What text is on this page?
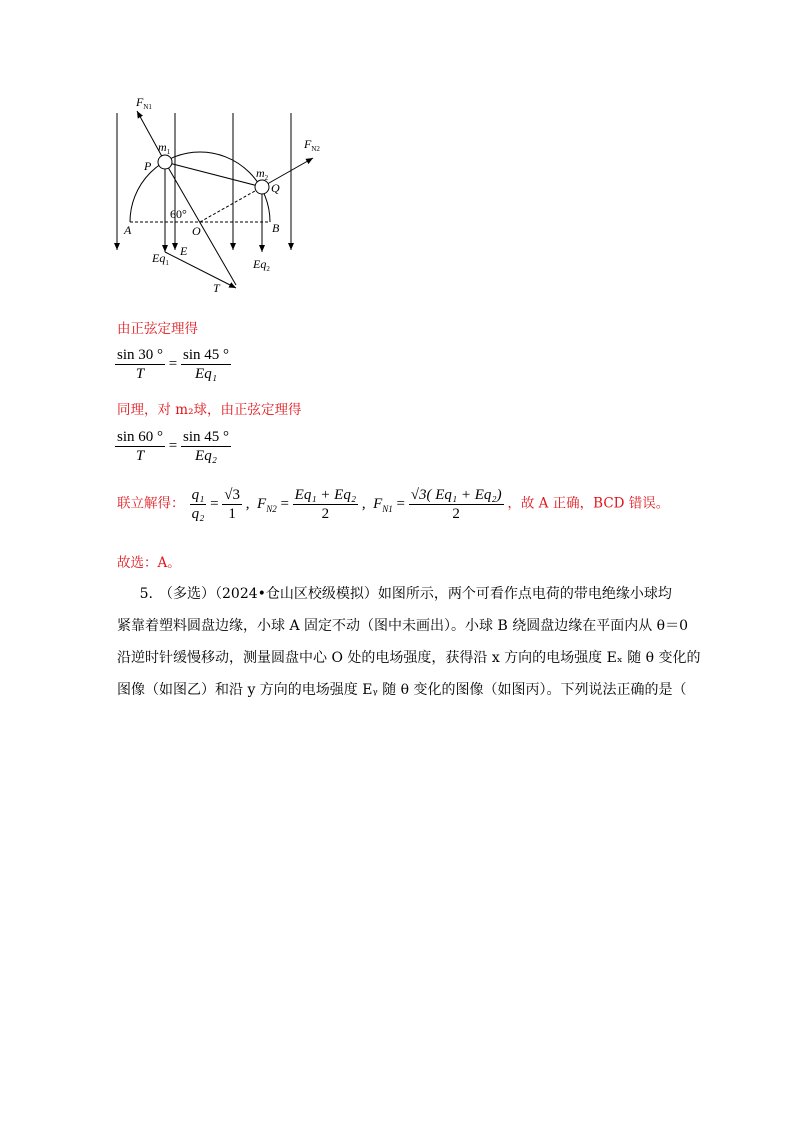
$F_{N1}$
$m_1$
P	$m_2$
Q
$F_{N2}$
60°
A	O	B
E
$Eq_1$	$Eq_2$
T
由正弦定理得
$\frac{\sin 30 ^\circ}{T} = \frac{\sin 45 ^\circ}{\text{Eq₁}}$
同理，对 m₂球，由正弦定理得
$\frac{\sin 60 ^\circ}{T} = \frac{\sin 45 ^\circ}{\text{Eq₂}}$
联立解得： $\frac{\text{q₁}}{\text{q₂}} = \frac{√3}{1}$ ,  $F_{N2} = \frac{\text{Eq₁ + Eq₂}}{2}$ ,  $F_{N1} = \frac{\text{√3( Eq₁ + Eq₂)}}{2}$ ，故 A 正确，BCD 错误。
故选：A。
5. （多选）（2024•仓山区校级模拟）如图所示，两个可看作点电荷的带电绝缘小球均
紧靠着塑料圆盘边缘，小球 A 固定不动（图中未画出）。小球 B 绕圆盘边缘在平面内从 θ＝0
沿逆时针缓慢移动，测量圆盘中心 O 处的电场强度，获得沿 x 方向的电场强度 Eₓ 随 θ 变化的
图像（如图乙）和沿 y 方向的电场强度 Eᵧ 随 θ 变化的图像（如图丙）。下列说法正确的是（
